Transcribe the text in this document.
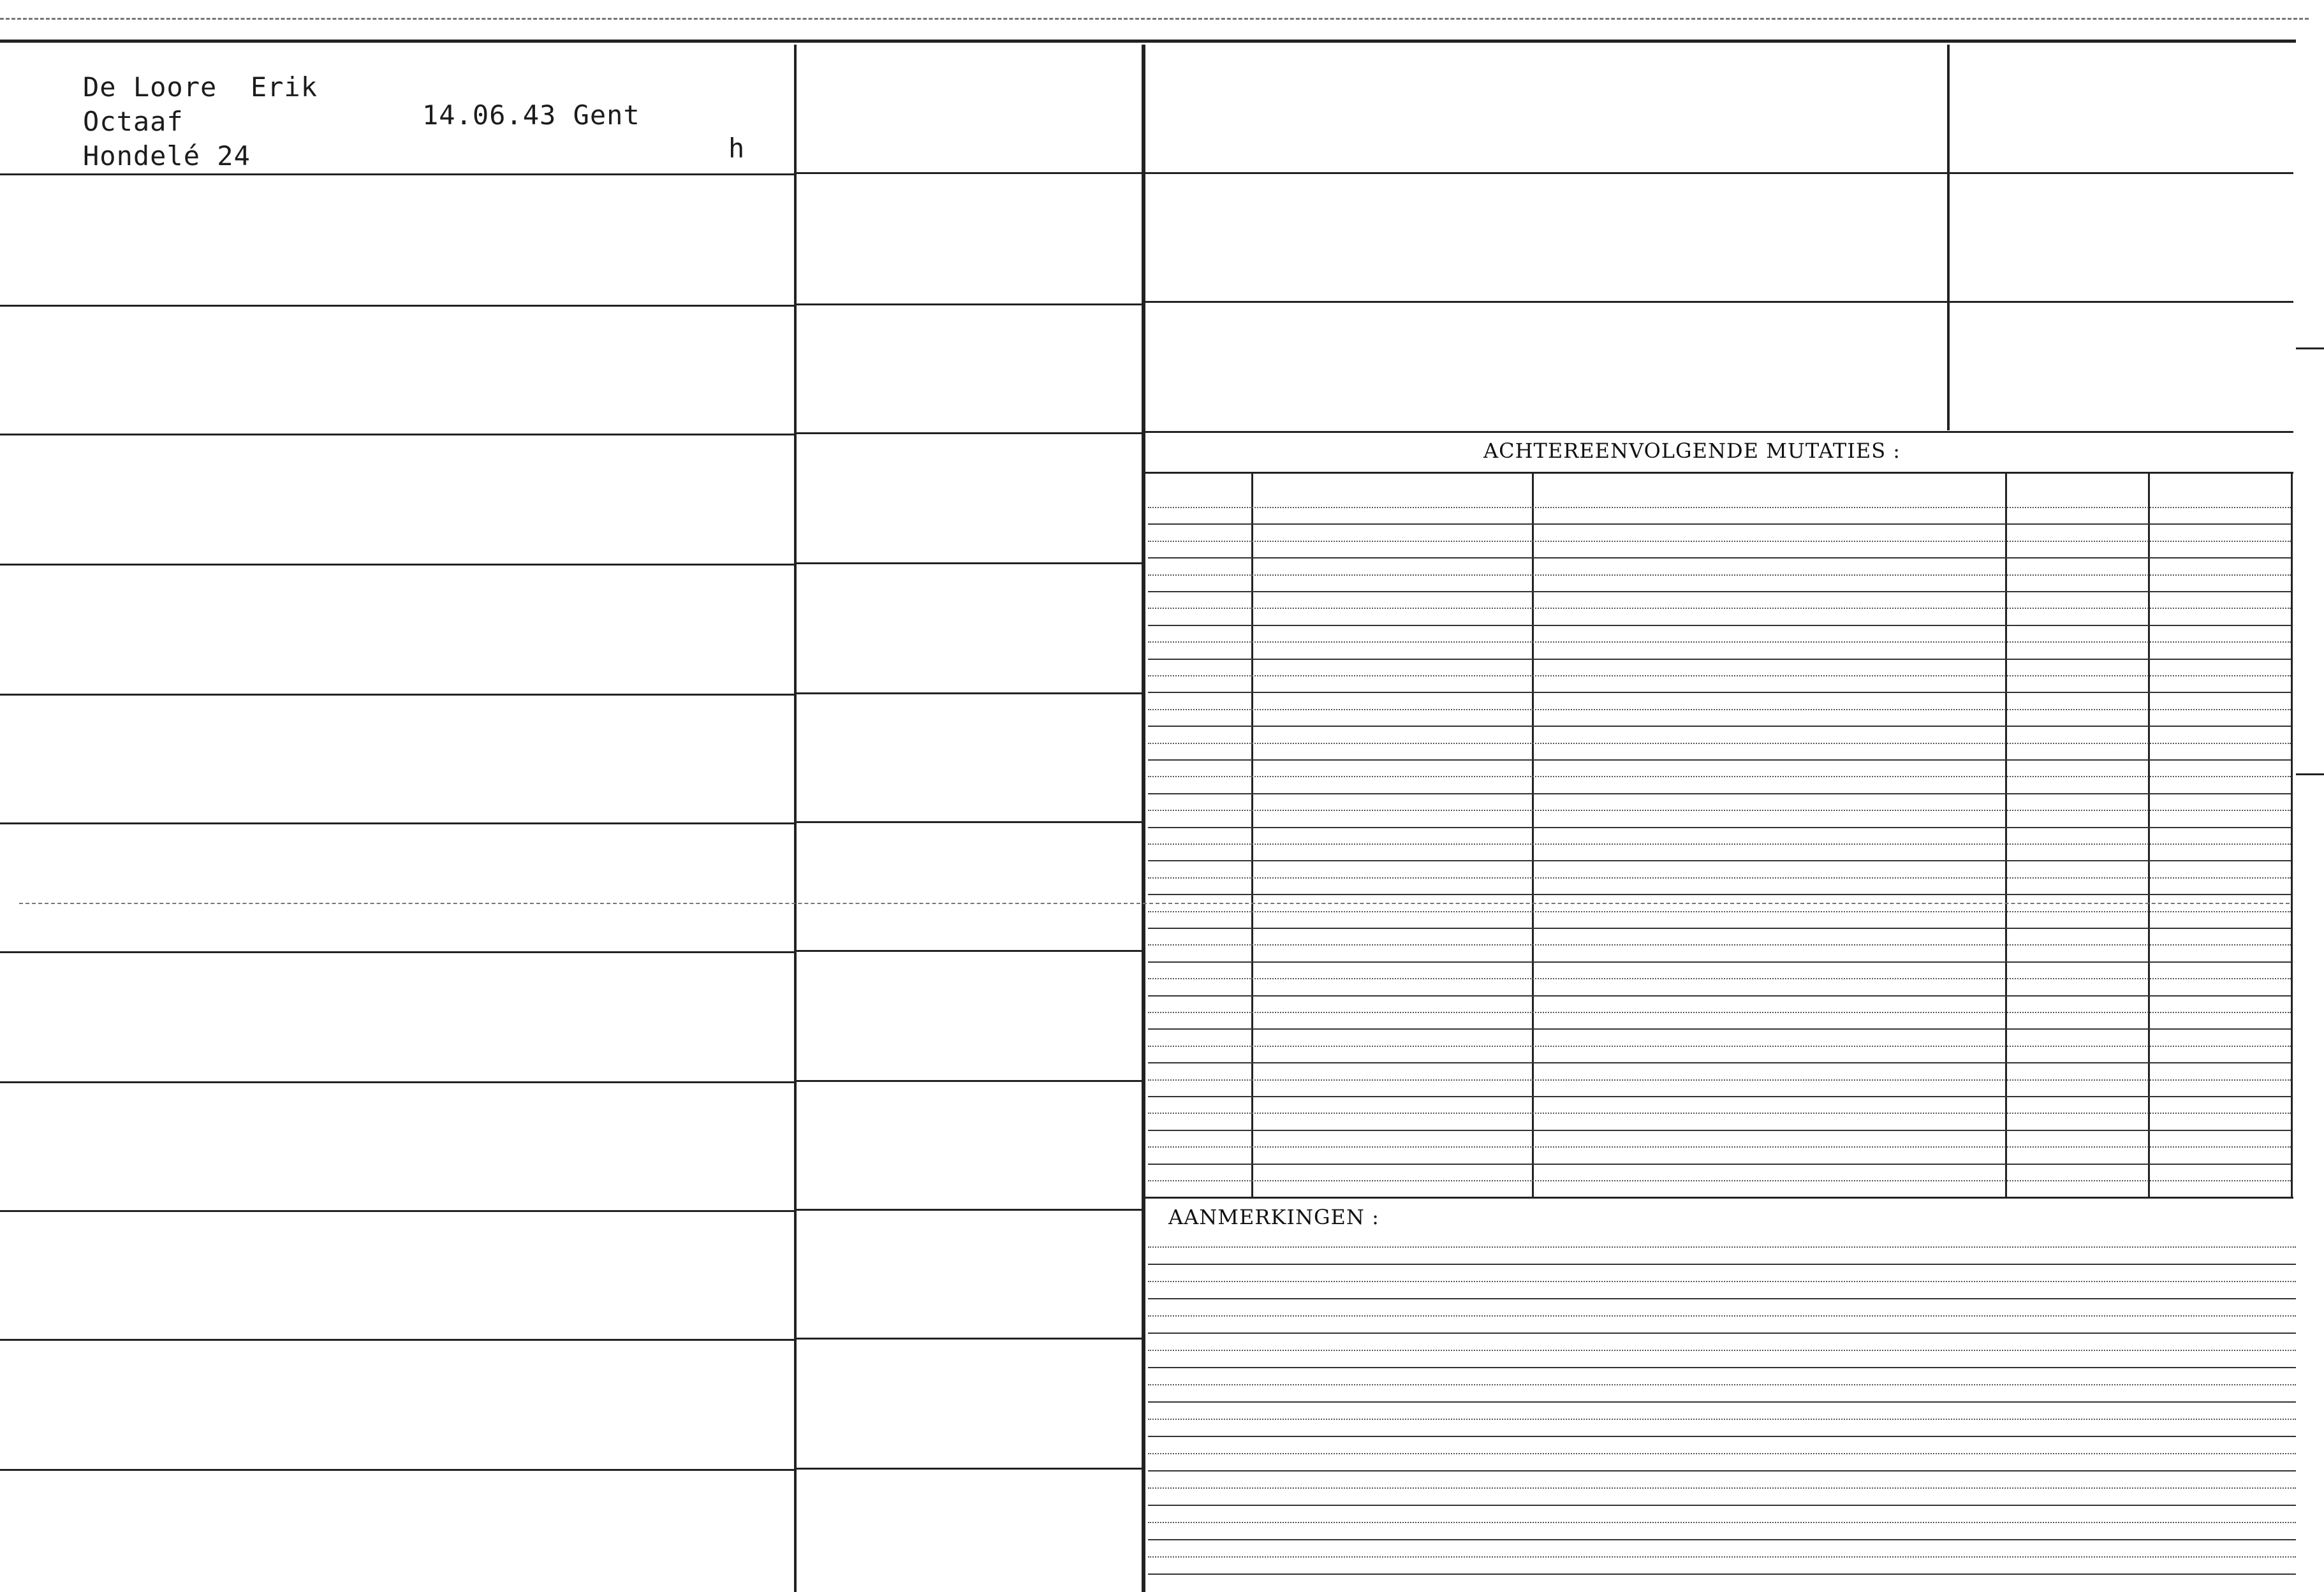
De Loore  Erik
Octaaf
Hondelé 24
14.06.43 Gent
h
ACHTEREENVOLGENDE MUTATIES :
AANMERKINGEN :
